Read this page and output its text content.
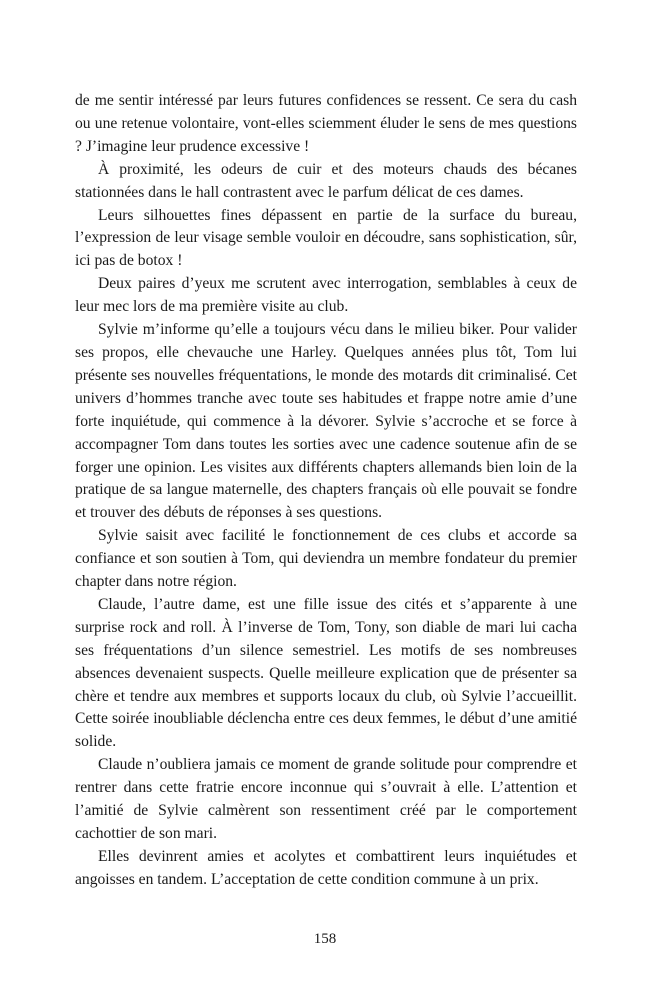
de me sentir intéressé par leurs futures confidences se ressent. Ce sera du cash ou une retenue volontaire, vont-elles sciemment éluder le sens de mes questions ? J’imagine leur prudence excessive !

À proximité, les odeurs de cuir et des moteurs chauds des bécanes stationnées dans le hall contrastent avec le parfum délicat de ces dames.

Leurs silhouettes fines dépassent en partie de la surface du bureau, l’expression de leur visage semble vouloir en découdre, sans sophistication, sûr, ici pas de botox !

Deux paires d’yeux me scrutent avec interrogation, semblables à ceux de leur mec lors de ma première visite au club.

Sylvie m’informe qu’elle a toujours vécu dans le milieu biker. Pour valider ses propos, elle chevauche une Harley. Quelques années plus tôt, Tom lui présente ses nouvelles fréquentations, le monde des motards dit criminalisé. Cet univers d’hommes tranche avec toute ses habitudes et frappe notre amie d’une forte inquiétude, qui commence à la dévorer. Sylvie s’accroche et se force à accompagner Tom dans toutes les sorties avec une cadence soutenue afin de se forger une opinion. Les visites aux différents chapters allemands bien loin de la pratique de sa langue maternelle, des chapters français où elle pouvait se fondre et trouver des débuts de réponses à ses questions.

Sylvie saisit avec facilité le fonctionnement de ces clubs et accorde sa confiance et son soutien à Tom, qui deviendra un membre fondateur du premier chapter dans notre région.

Claude, l’autre dame, est une fille issue des cités et s’apparente à une surprise rock and roll. À l’inverse de Tom, Tony, son diable de mari lui cacha ses fréquentations d’un silence semestriel. Les motifs de ses nombreuses absences devenaient suspects. Quelle meilleure explication que de présenter sa chère et tendre aux membres et supports locaux du club, où Sylvie l’accueillit. Cette soirée inoubliable déclencha entre ces deux femmes, le début d’une amitié solide.

Claude n’oubliera jamais ce moment de grande solitude pour comprendre et rentrer dans cette fratrie encore inconnue qui s’ouvrait à elle. L’attention et l’amitié de Sylvie calmèrent son ressentiment créé par le comportement cachottier de son mari.

Elles devinrent amies et acolytes et combattirent leurs inquiétudes et angoisses en tandem. L’acceptation de cette condition commune à un prix.

158
